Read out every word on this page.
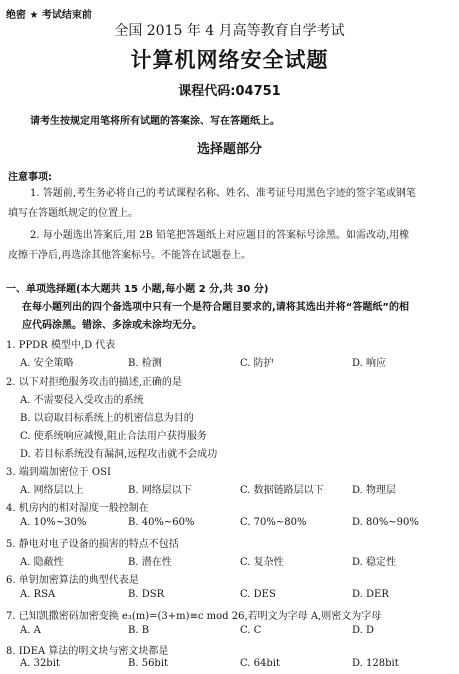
绝密 ★ 考试结束前
全国 2015 年 4 月高等教育自学考试
计算机网络安全试题
课程代码:04751
请考生按规定用笔将所有试题的答案涂、写在答题纸上。
选择题部分
注意事项:
1. 答题前,考生务必将自己的考试课程名称、姓名、准考证号用黑色字迹的签字笔或钢笔
填写在答题纸规定的位置上。
2. 每小题选出答案后,用 2B 铅笔把答题纸上对应题目的答案标号涂黑。如需改动,用橡
皮擦干净后,再选涂其他答案标号。不能答在试题卷上。
一、单项选择题(本大题共 15 小题,每小题 2 分,共 30 分)
在每小题列出的四个备选项中只有一个是符合题目要求的,请将其选出并将“答题纸”的相
应代码涂黑。错涂、多涂或未涂均无分。
1. PPDR 模型中,D 代表
A. 安全策略	B. 检测	C. 防护	D. 响应
2. 以下对拒绝服务攻击的描述,正确的是
A. 不需要侵入受攻击的系统
B. 以窃取目标系统上的机密信息为目的
C. 使系统响应减慢,阻止合法用户获得服务
D. 若目标系统没有漏洞,远程攻击就不会成功
3. 端到端加密位于 OSI
A. 网络层以上	B. 网络层以下	C. 数据链路层以下	D. 物理层
4. 机房内的相对湿度一般控制在
A. 10%~30%	B. 40%~60%	C. 70%~80%	D. 80%~90%
5. 静电对电子设备的损害的特点不包括
A. 隐蔽性	B. 潜在性	C. 复杂性	D. 稳定性
6. 单钥加密算法的典型代表是
A. RSA	B. DSR	C. DES	D. DER
7. 已知凯撒密码加密变换 e₃(m)=(3+m)≡c mod 26,若明文为字母 A,则密文为字母
A. A	B. B	C. C	D. D
8. IDEA 算法的明文块与密文块都是
A. 32bit	B. 56bit	C. 64bit	D. 128bit
